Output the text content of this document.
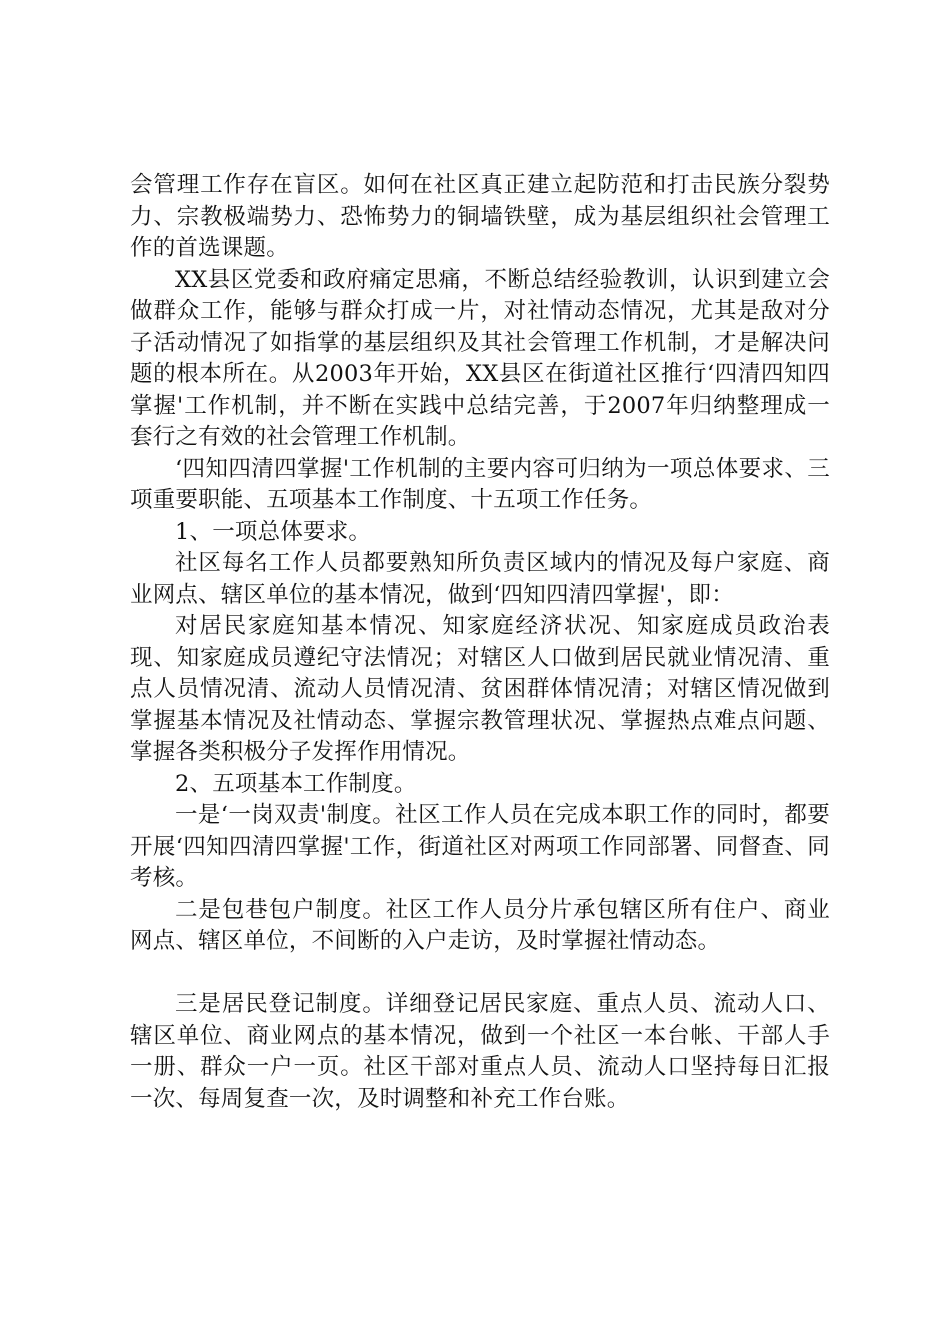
会管理工作存在盲区。如何在社区真正建立起防范和打击民族分裂势力、宗教极端势力、恐怖势力的铜墙铁壁，成为基层组织社会管理工作的首选课题。

XX县区党委和政府痛定思痛，不断总结经验教训，认识到建立会做群众工作，能够与群众打成一片，对社情动态情况，尤其是敌对分子活动情况了如指掌的基层组织及其社会管理工作机制，才是解决问题的根本所在。从2003年开始，XX县区在街道社区推行‘四清四知四掌握'工作机制，并不断在实践中总结完善，于2007年归纳整理成一套行之有效的社会管理工作机制。

‘四知四清四掌握'工作机制的主要内容可归纳为一项总体要求、三项重要职能、五项基本工作制度、十五项工作任务。

1、一项总体要求。

社区每名工作人员都要熟知所负责区域内的情况及每户家庭、商业网点、辖区单位的基本情况，做到‘四知四清四掌握'，即：

对居民家庭知基本情况、知家庭经济状况、知家庭成员政治表现、知家庭成员遵纪守法情况；对辖区人口做到居民就业情况清、重点人员情况清、流动人员情况清、贫困群体情况清；对辖区情况做到掌握基本情况及社情动态、掌握宗教管理状况、掌握热点难点问题、掌握各类积极分子发挥作用情况。

2、五项基本工作制度。

一是‘一岗双责'制度。社区工作人员在完成本职工作的同时，都要开展‘四知四清四掌握'工作，街道社区对两项工作同部署、同督查、同考核。

二是包巷包户制度。社区工作人员分片承包辖区所有住户、商业网点、辖区单位，不间断的入户走访，及时掌握社情动态。

三是居民登记制度。详细登记居民家庭、重点人员、流动人口、辖区单位、商业网点的基本情况，做到一个社区一本台帐、干部人手一册、群众一户一页。社区干部对重点人员、流动人口坚持每日汇报一次、每周复查一次，及时调整和补充工作台账。
